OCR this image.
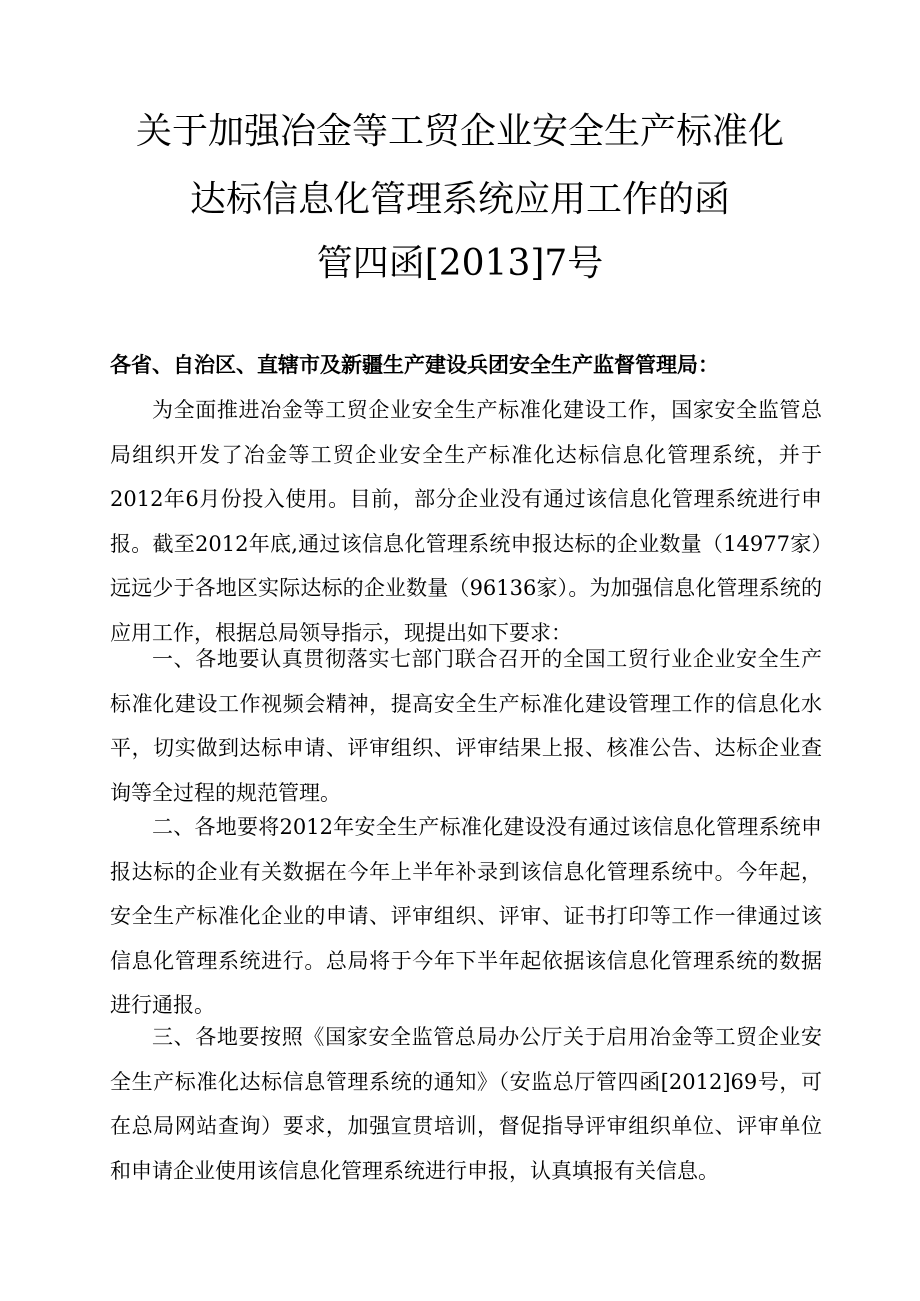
关于加强冶金等工贸企业安全生产标准化
达标信息化管理系统应用工作的函
管四函[2013]7号
各省、自治区、直辖市及新疆生产建设兵团安全生产监督管理局：
为全面推进冶金等工贸企业安全生产标准化建设工作，国家安全监管总局组织开发了冶金等工贸企业安全生产标准化达标信息化管理系统，并于2012年6月份投入使用。目前，部分企业没有通过该信息化管理系统进行申报。截至2012年底,通过该信息化管理系统申报达标的企业数量（14977家）远远少于各地区实际达标的企业数量（96136家）。为加强信息化管理系统的应用工作，根据总局领导指示，现提出如下要求：
一、各地要认真贯彻落实七部门联合召开的全国工贸行业企业安全生产标准化建设工作视频会精神，提高安全生产标准化建设管理工作的信息化水平，切实做到达标申请、评审组织、评审结果上报、核准公告、达标企业查询等全过程的规范管理。
二、各地要将2012年安全生产标准化建设没有通过该信息化管理系统申报达标的企业有关数据在今年上半年补录到该信息化管理系统中。今年起，安全生产标准化企业的申请、评审组织、评审、证书打印等工作一律通过该信息化管理系统进行。总局将于今年下半年起依据该信息化管理系统的数据进行通报。
三、各地要按照《国家安全监管总局办公厅关于启用冶金等工贸企业安全生产标准化达标信息管理系统的通知》（安监总厅管四函[2012]69号，可在总局网站查询）要求，加强宣贯培训，督促指导评审组织单位、评审单位和申请企业使用该信息化管理系统进行申报，认真填报有关信息。
